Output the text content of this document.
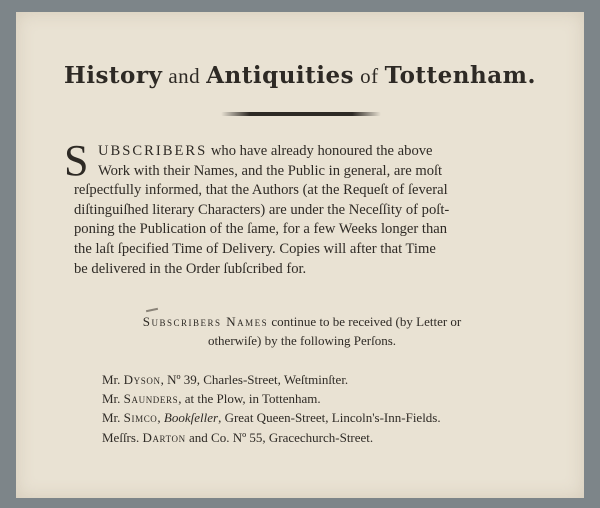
History and Antiquities of Tottenham.
S UBSCRIBERS who have already honoured the above
Work with their Names, and the Public in general, are moſt
reſpectfully informed, that the Authors (at the Requeſt of ſeveral
diſtinguiſhed literary Characters) are under the Neceſſity of poſt-
poning the Publication of the ſame, for a few Weeks longer than
the laſt ſpecified Time of Delivery. Copies will after that Time
be delivered in the Order ſubſcribed for.
Subscribers Names continue to be received (by Letter or
otherwiſe) by the following Perſons.
Mr. Dyson, Nº 39, Charles-Street, Weſtminſter.
Mr. Saunders, at the Plow, in Tottenham.
Mr. Simco, Bookſeller, Great Queen-Street, Lincoln's-Inn-Fields.
Meſſrs. Darton and Co. Nº 55, Gracechurch-Street.
